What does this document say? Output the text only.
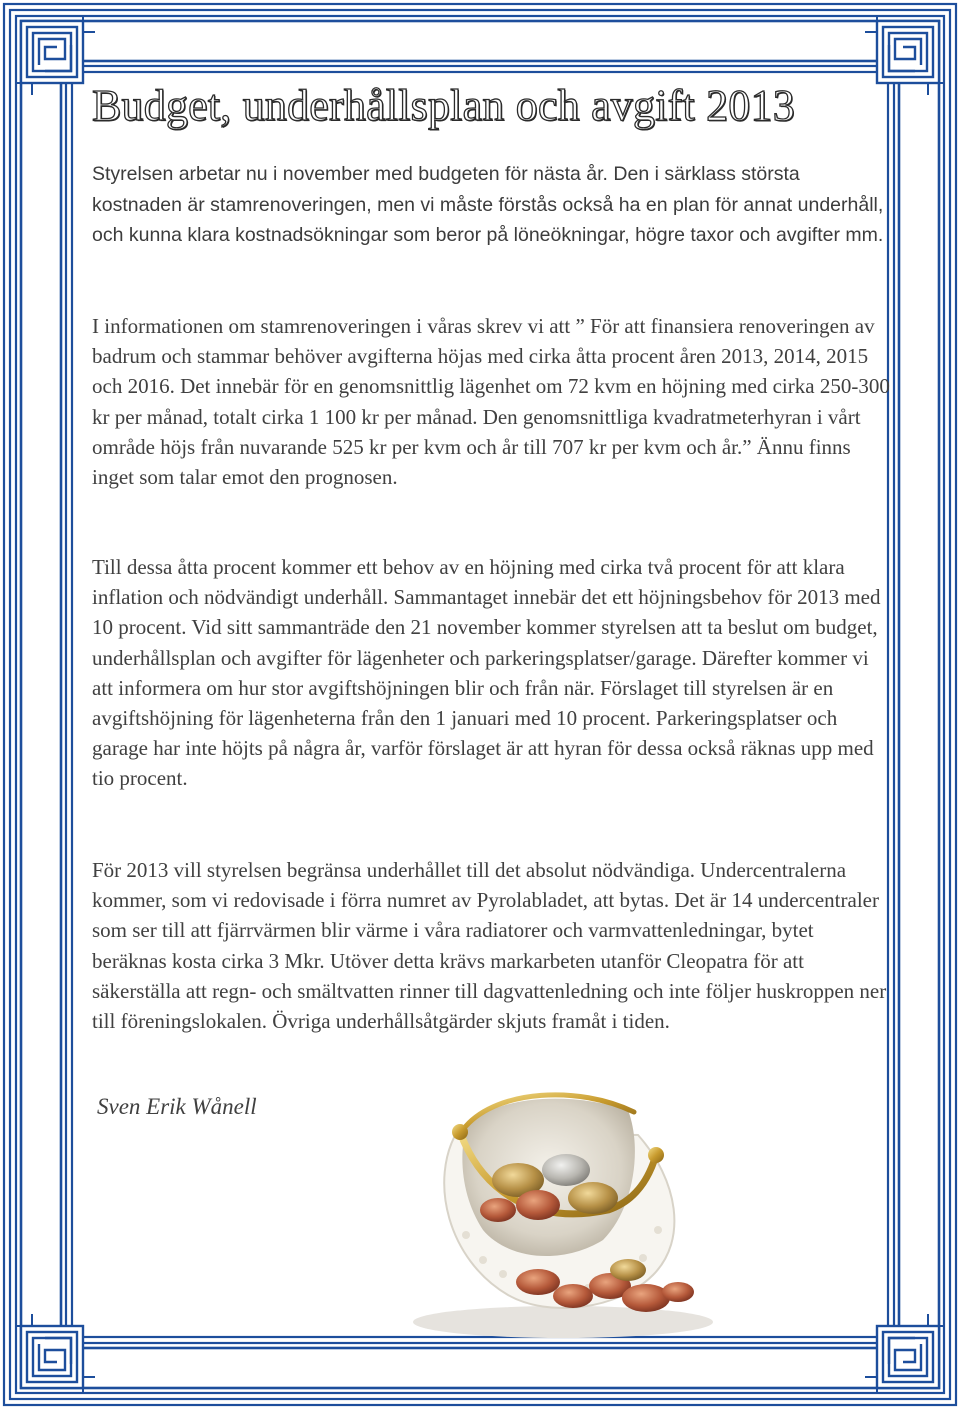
Budget, underhållsplan och avgift 2013

Styrelsen arbetar nu i november med budgeten för nästa år. Den i särklass största kostnaden är stamrenoveringen, men vi måste förstås också ha en plan för annat underhåll, och kunna klara kostnadsökningar som beror på löneökningar, högre taxor och avgifter mm.

I informationen om stamrenoveringen i våras skrev vi att ” För att finansiera renoveringen av badrum och stammar behöver avgifterna höjas med cirka åtta procent åren 2013, 2014, 2015 och 2016. Det innebär för en genomsnittlig lägenhet om 72 kvm en höjning med cirka 250-300 kr per månad, totalt cirka 1 100 kr per månad. Den genomsnittliga kvadratmeterhyran i vårt område höjs från nuvarande 525 kr per kvm och år till 707 kr per kvm och år.” Ännu finns inget som talar emot den prognosen.

Till dessa åtta procent kommer ett behov av en höjning med cirka två procent för att klara inflation och nödvändigt underhåll. Sammantaget innebär det ett höjningsbehov för 2013 med 10 procent. Vid sitt sammanträde den 21 november kommer styrelsen att ta beslut om budget, underhållsplan och avgifter för lägenheter och parkeringsplatser/garage. Därefter kommer vi att informera om hur stor avgiftshöjningen blir och från när. Förslaget till styrelsen är en avgiftshöjning för lägenheterna från den 1 januari med 10 procent. Parkeringsplatser och garage har inte höjts på några år, varför förslaget är att hyran för dessa också räknas upp med tio procent.

För 2013 vill styrelsen begränsa underhållet till det absolut nödvändiga. Undercentralerna kommer, som vi redovisade i förra numret av Pyrolabladet, att bytas. Det är 14 undercentraler som ser till att fjärrvärmen blir värme i våra radiatorer och varmvattenledningar, bytet beräknas kosta cirka 3 Mkr. Utöver detta krävs markarbeten utanför Cleopatra för att säkerställa att regn- och smältvatten rinner till dagvattenledning och inte följer huskroppen ner till föreningslokalen. Övriga underhållsåtgärder skjuts framåt i tiden.

Sven Erik Wånell
